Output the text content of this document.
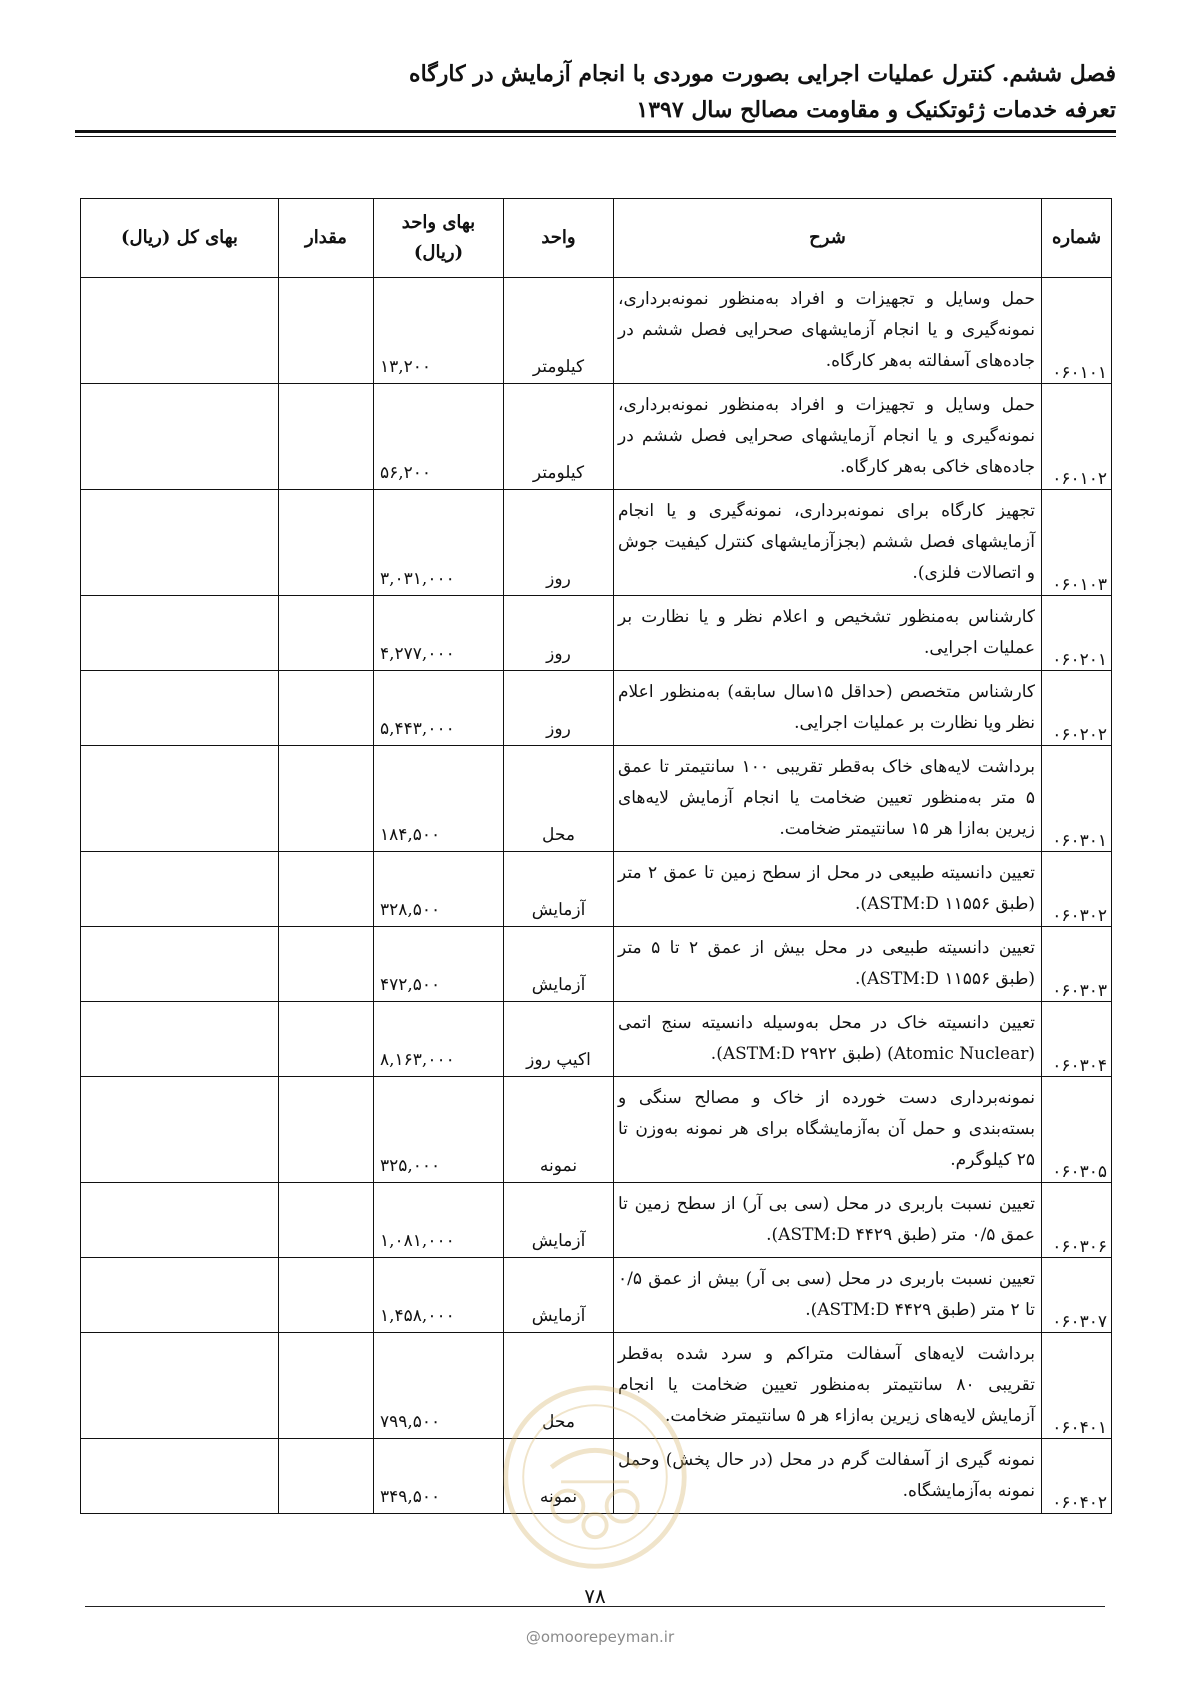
فصل ششم. کنترل عملیات اجرایی بصورت موردی با انجام آزمایش در کارگاه
تعرفه خدمات ژئوتکنیک و مقاومت مصالح سال ۱۳۹۷
شماره	شرح	واحد	بهای واحد (ریال)	مقدار	بهای کل (ریال)
۰۶۰۱۰۱	حمل وسایل و تجهیزات و افراد به‌منظور نمونه‌برداری، نمونه‌گیری و یا انجام آزمایشهای صحرایی فصل ششم در جاده‌های آسفالته به‌هر کارگاه.	کیلومتر	۱۳,۲۰۰		
۰۶۰۱۰۲	حمل وسایل و تجهیزات و افراد به‌منظور نمونه‌برداری، نمونه‌گیری و یا انجام آزمایشهای صحرایی فصل ششم در جاده‌های خاکی به‌هر کارگاه.	کیلومتر	۵۶,۲۰۰		
۰۶۰۱۰۳	تجهیز کارگاه برای نمونه‌برداری، نمونه‌گیری و یا انجام آزمایشهای فصل ششم (بجزآزمایشهای کنترل کیفیت جوش و اتصالات فلزی).	روز	۳,۰۳۱,۰۰۰		
۰۶۰۲۰۱	کارشناس به‌منظور تشخیص و اعلام نظر و یا نظارت بر عملیات اجرایی.	روز	۴,۲۷۷,۰۰۰		
۰۶۰۲۰۲	کارشناس متخصص (حداقل ۱۵سال سابقه) به‌منظور اعلام نظر ویا نظارت بر عملیات اجرایی.	روز	۵,۴۴۳,۰۰۰		
۰۶۰۳۰۱	برداشت لایه‌های خاک به‌قطر تقریبی ۱۰۰ سانتیمتر تا عمق ۵ متر به‌منظور تعیین ضخامت یا انجام آزمایش لایه‌های زیرین به‌ازا هر ۱۵ سانتیمتر ضخامت.	محل	۱۸۴,۵۰۰		
۰۶۰۳۰۲	تعیین دانسیته طبیعی در محل از سطح زمین تا عمق ۲ متر (طبق ASTM:D ۱۱۵۵۶).	آزمایش	۳۲۸,۵۰۰		
۰۶۰۳۰۳	تعیین دانسیته طبیعی در محل بیش از عمق ۲ تا ۵ متر (طبق ASTM:D ۱۱۵۵۶).	آزمایش	۴۷۲,۵۰۰		
۰۶۰۳۰۴	تعیین دانسیته خاک در محل به‌وسیله دانسیته سنج اتمی (Atomic Nuclear) (طبق ASTM:D ۲۹۲۲).	اکیپ روز	۸,۱۶۳,۰۰۰		
۰۶۰۳۰۵	نمونه‌برداری دست خورده از خاک و مصالح سنگی و بسته‌بندی و حمل آن به‌آزمایشگاه برای هر نمونه به‌وزن تا ۲۵ کیلوگرم.	نمونه	۳۲۵,۰۰۰		
۰۶۰۳۰۶	تعیین نسبت باربری در محل (سی بی آر) از سطح زمین تا عمق ۰/۵ متر (طبق ASTM:D ۴۴۲۹).	آزمایش	۱,۰۸۱,۰۰۰		
۰۶۰۳۰۷	تعیین نسبت باربری در محل (سی بی آر) بیش از عمق ۰/۵ تا ۲ متر (طبق ASTM:D ۴۴۲۹).	آزمایش	۱,۴۵۸,۰۰۰		
۰۶۰۴۰۱	برداشت لایه‌های آسفالت متراکم و سرد شده به‌قطر تقریبی ۸۰ سانتیمتر به‌منظور تعیین ضخامت یا انجام آزمایش لایه‌های زیرین به‌ازاء هر ۵ سانتیمتر ضخامت.	محل	۷۹۹,۵۰۰		
۰۶۰۴۰۲	نمونه گیری از آسفالت گرم در محل (در حال پخش) وحمل نمونه به‌آزمایشگاه.	نمونه	۳۴۹,۵۰۰		
۷۸
@omoorepeyman.ir
